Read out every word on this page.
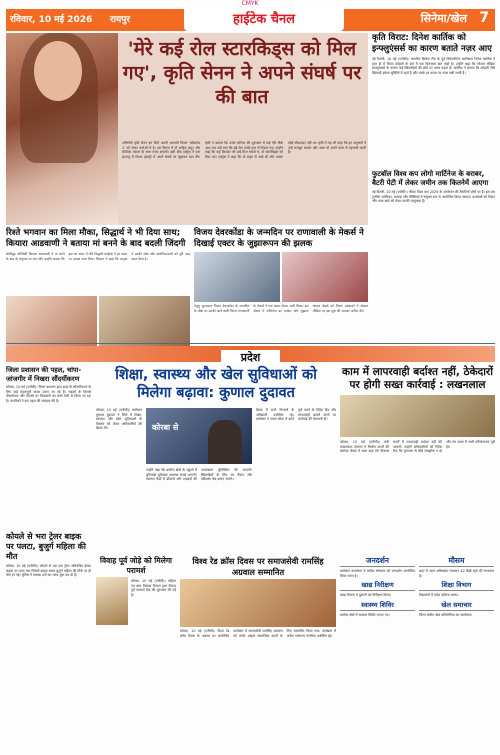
CMYK
रविवार, 10 मई 2026 रायपुर	हाईटेक चैनल	सिनेमा/खेल 7
'मेरे कई रोल स्टारकिड्स को मिल गए', कृति सेनन ने अपने संघर्ष पर की बात
अभिनेत्री कृति सेनन इन दिनों अपनी आगामी फिल्म 'कॉकटेल 2' को लेकर चर्चाओं में हैं। इस फिल्म में वो शाहिद कपूर और रश्मिका मंदाना के साथ नजर आएंगी। इसी बीच एक्ट्रेस ने एक इंटरव्यू में फिल्म इंडस्ट्री में अपने संघर्ष पर खुलकर बात की। कृति ने बताया कि उनके करियर की शुरुआत में कई ऐसे मौके आए जब उन्हें लगा कि बड़े रोल उनके हाथ से निकल गए। उन्होंने कहा कि कई किरदार जो उन्हें मिल सकते थे, वो स्टारकिड्स को मिल गए। एक्ट्रेस ने कहा कि वो बाहर से आई थीं और उनका कोई गॉडफादर नहीं था। कृति ने यह भी कहा कि इन अनुभवों ने उन्हें मजबूत बनाया और आज वो अपने काम से पहचानी जाती हैं।
कृति विराट: दिनेश कार्तिक को इन्फ्लुएंसर्स का कारण बताते नज़र आए
नई दिल्ली, 10 मई (एजेंसी)। भारतीय क्रिकेट टीम के पूर्व विकेटकीपर बल्लेबाज दिनेश कार्तिक ने हाल ही में विराट कोहली के बारे में एक दिलचस्प बात कही है। उन्होंने कहा कि सोशल मीडिया इन्फ्लुएंसर्स के कारण कई खिलाड़ियों की छवि पर असर पड़ता है। कार्तिक ने बताया कि कोहली जैसे खिलाड़ी हमेशा सुर्खियों में रहते हैं और उनके हर कदम पर नजर रखी जाती है।
फुटबॉल विश्व कप लोगो मार्टिनेज के बराबर, बैटरी पेटी में लेकर जमीन तक कितनेमें आएगा
नई दिल्ली, 10 मई (एजेंसी)। फीफा विश्व कप 2026 के आयोजन की तैयारियाँ जोरों पर हैं। इस बार टूर्नामेंट अमेरिका, कनाडा और मैक्सिको में संयुक्त रूप से आयोजित किया जाएगा। प्रशंसकों को टिकट और यात्रा खर्च को लेकर काफी उत्सुकता है।
रिश्ते भगवान का मिला मौका, सिद्धार्थ ने भी दिया साथ; कियारा आडवाणी ने बताया मां बनने के बाद बदली जिंदगी
बॉलीवुड अभिनेत्री कियारा आडवाणी ने मां बनने के बाद के अनुभव पर बात की। उन्होंने बताया कि इस नए सफर में पति सिद्धार्थ मल्होत्रा ने हर कदम पर उनका साथ दिया। कियारा ने कहा कि मातृत्व ने उनकी सोच और प्राथमिकताओं को पूरी तरह बदल दिया है।
विजय देवरकोंडा के जन्मदिन पर राणावाली के मेकर्स ने दिखाई एक्टर के जुझारूपन की झलक
तेलुगु सुपरस्टार विजय देवरकोंडा के जन्मदिन के मौके पर उनकी आने वाली फिल्म राणावाली के मेकर्स ने एक खास पोस्टर जारी किया। इस पोस्टर में अभिनेता का दमदार और जुझारू अंदाज देखने को मिला। प्रशंसकों ने सोशल मीडिया पर इस लुक की जमकर तारीफ की।
प्रदेश
जिला प्रशासन की पहल, चांपा-जांजगीर में निखरा सौंदर्यीकरण
कोरबा, 10 मई (एजेंसी)। जिला प्रशासन द्वारा शहर के सौंदर्यीकरण के लिए कई महत्वपूर्ण कदम उठाए जा रहे हैं। सड़कों के किनारे पौधारोपण और दीवारों पर चित्रकारी का कार्य तेजी से किया जा रहा है। नागरिकों ने इस पहल की सराहना की है।
शिक्षा, स्वास्थ्य और खेल सुविधाओं को मिलेगा बढ़ावा: कुणाल दुदावत
कोरबा, 10 मई (एजेंसी)। कलेक्टर कुणाल दुदावत ने जिले में शिक्षा, स्वास्थ्य और खेल सुविधाओं के विस्तार को लेकर अधिकारियों की बैठक ली।	कोरबा से
उन्होंने कहा कि ग्रामीण क्षेत्रों के स्कूलों में बुनियादी सुविधाएं उपलब्ध कराई जाएंगी। स्वास्थ्य केंद्रों में डॉक्टरों और दवाइयों की उपलब्धता सुनिश्चित की जाएगी। खिलाड़ियों के लिए नए मैदान और प्रशिक्षण केंद्र बनाए जाएंगे।
बैठक में सभी विभागों के अधिकारी उपस्थित रहे। कलेक्टर ने समय सीमा में कार्य पूर्ण करने के निर्देश दिए और लापरवाही बरतने वालों पर कार्रवाई की चेतावनी दी।
काम में लापरवाही बर्दाश्त नहीं, ठेकेदारों पर होगी सख्त कार्रवाई : लखनलाल
कोरबा, 10 मई (एजेंसी)। मंत्री लखनलाल देवांगन ने निर्माण कार्यों की समीक्षा बैठक में स्पष्ट कहा कि विकास कार्यों में लापरवाही बर्दाश्त नहीं की जाएगी। उन्होंने अधिकारियों को निर्देश दिए कि गुणवत्ता से कोई समझौता न हो और तय समय में सभी परियोजनाएं पूरी हों।
कोयले से भरा ट्रेलर बाइक पर पलटा, बुजुर्ग महिला की मौत
कोरबा, 10 मई (एजेंसी)। कोयले से भरा एक ट्रेलर अनियंत्रित होकर बाइक पर पलट गया जिससे बाइक सवार बुजुर्ग महिला की मौके पर ही मौत हो गई। पुलिस ने मामला दर्ज कर जांच शुरू कर दी है।
विवाह पूर्व जोड़े को मिलेगा परामर्श
कोरबा, 10 मई (एजेंसी)। महिला एवं बाल विकास विभाग द्वारा विवाह पूर्व परामर्श केंद्र की शुरुआत की गई है।
विश्व रेड क्रॉस दिवस पर समाजसेवी रामसिंह अग्रवाल सम्मानित
कोरबा, 10 मई (एजेंसी)। विश्व रेड क्रॉस दिवस के अवसर पर आयोजित कार्यक्रम में समाजसेवी रामसिंह अग्रवाल को उनके उत्कृष्ट सामाजिक कार्यों के लिए सम्मानित किया गया। कार्यक्रम में अनेक गणमान्य नागरिक उपस्थित रहे।
जनदर्शन
कलेक्टर कार्यालय में प्रत्येक सोमवार को जनदर्शन आयोजित किया जाता है।
खाद्य निरीक्षण
खाद्य विभाग ने दुकानों का निरीक्षण किया।
स्वास्थ्य शिविर
ग्रामीण क्षेत्रों में स्वास्थ्य शिविर लगाए गए।
मौसम
शहर में आज अधिकतम तापमान 42 डिग्री रहने की संभावना है।
शिक्षा विभाग
विद्यालयों में प्रवेश प्रक्रिया प्रारंभ।
खेल समाचार
जिला स्तरीय खेल प्रतियोगिता का आयोजन।
